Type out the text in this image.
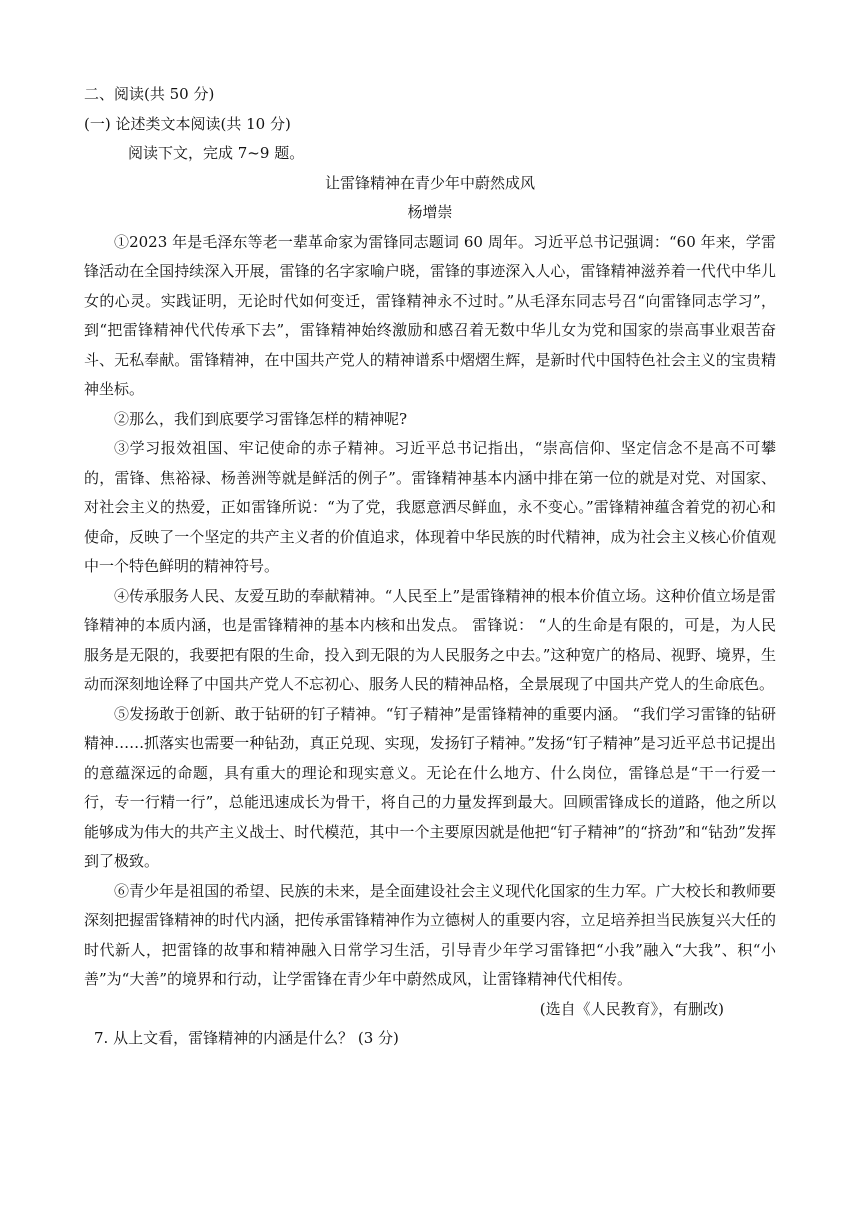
二、阅读(共 50 分)
(一) 论述类文本阅读(共 10 分)
阅读下文，完成 7~9 题。
让雷锋精神在青少年中蔚然成风
杨增崇

①2023 年是毛泽东等老一辈革命家为雷锋同志题词 60 周年。习近平总书记强调：“60 年来，学雷锋活动在全国持续深入开展，雷锋的名字家喻户晓，雷锋的事迹深入人心，雷锋精神滋养着一代代中华儿女的心灵。实践证明，无论时代如何变迁，雷锋精神永不过时。”从毛泽东同志号召“向雷锋同志学习”，到“把雷锋精神代代传承下去”，雷锋精神始终激励和感召着无数中华儿女为党和国家的崇高事业艰苦奋斗、无私奉献。雷锋精神，在中国共产党人的精神谱系中熠熠生辉，是新时代中国特色社会主义的宝贵精神坐标。

②那么，我们到底要学习雷锋怎样的精神呢?

③学习报效祖国、牢记使命的赤子精神。习近平总书记指出，“崇高信仰、坚定信念不是高不可攀的，雷锋、焦裕禄、杨善洲等就是鲜活的例子”。雷锋精神基本内涵中排在第一位的就是对党、对国家、对社会主义的热爱，正如雷锋所说：“为了党，我愿意洒尽鲜血，永不变心。”雷锋精神蕴含着党的初心和使命，反映了一个坚定的共产主义者的价值追求，体现着中华民族的时代精神，成为社会主义核心价值观中一个特色鲜明的精神符号。

④传承服务人民、友爱互助的奉献精神。“人民至上”是雷锋精神的根本价值立场。这种价值立场是雷锋精神的本质内涵，也是雷锋精神的基本内核和出发点。 雷锋说： “人的生命是有限的，可是，为人民服务是无限的，我要把有限的生命，投入到无限的为人民服务之中去。”这种宽广的格局、视野、境界，生动而深刻地诠释了中国共产党人不忘初心、服务人民的精神品格，全景展现了中国共产党人的生命底色。

⑤发扬敢于创新、敢于钻研的钉子精神。“钉子精神”是雷锋精神的重要内涵。 “我们学习雷锋的钻研精神……抓落实也需要一种钻劲，真正兑现、实现，发扬钉子精神。”发扬“钉子精神”是习近平总书记提出的意蕴深远的命题，具有重大的理论和现实意义。无论在什么地方、什么岗位，雷锋总是“干一行爱一行，专一行精一行”，总能迅速成长为骨干，将自己的力量发挥到最大。回顾雷锋成长的道路，他之所以能够成为伟大的共产主义战士、时代模范，其中一个主要原因就是他把“钉子精神”的“挤劲”和“钻劲”发挥到了极致。

⑥青少年是祖国的希望、民族的未来，是全面建设社会主义现代化国家的生力军。广大校长和教师要深刻把握雷锋精神的时代内涵，把传承雷锋精神作为立德树人的重要内容，立足培养担当民族复兴大任的时代新人，把雷锋的故事和精神融入日常学习生活，引导青少年学习雷锋把“小我”融入“大我”、积“小善”为“大善”的境界和行动，让学雷锋在青少年中蔚然成风，让雷锋精神代代相传。

(选自《人民教育》，有删改)
7. 从上文看，雷锋精神的内涵是什么？ (3 分)
